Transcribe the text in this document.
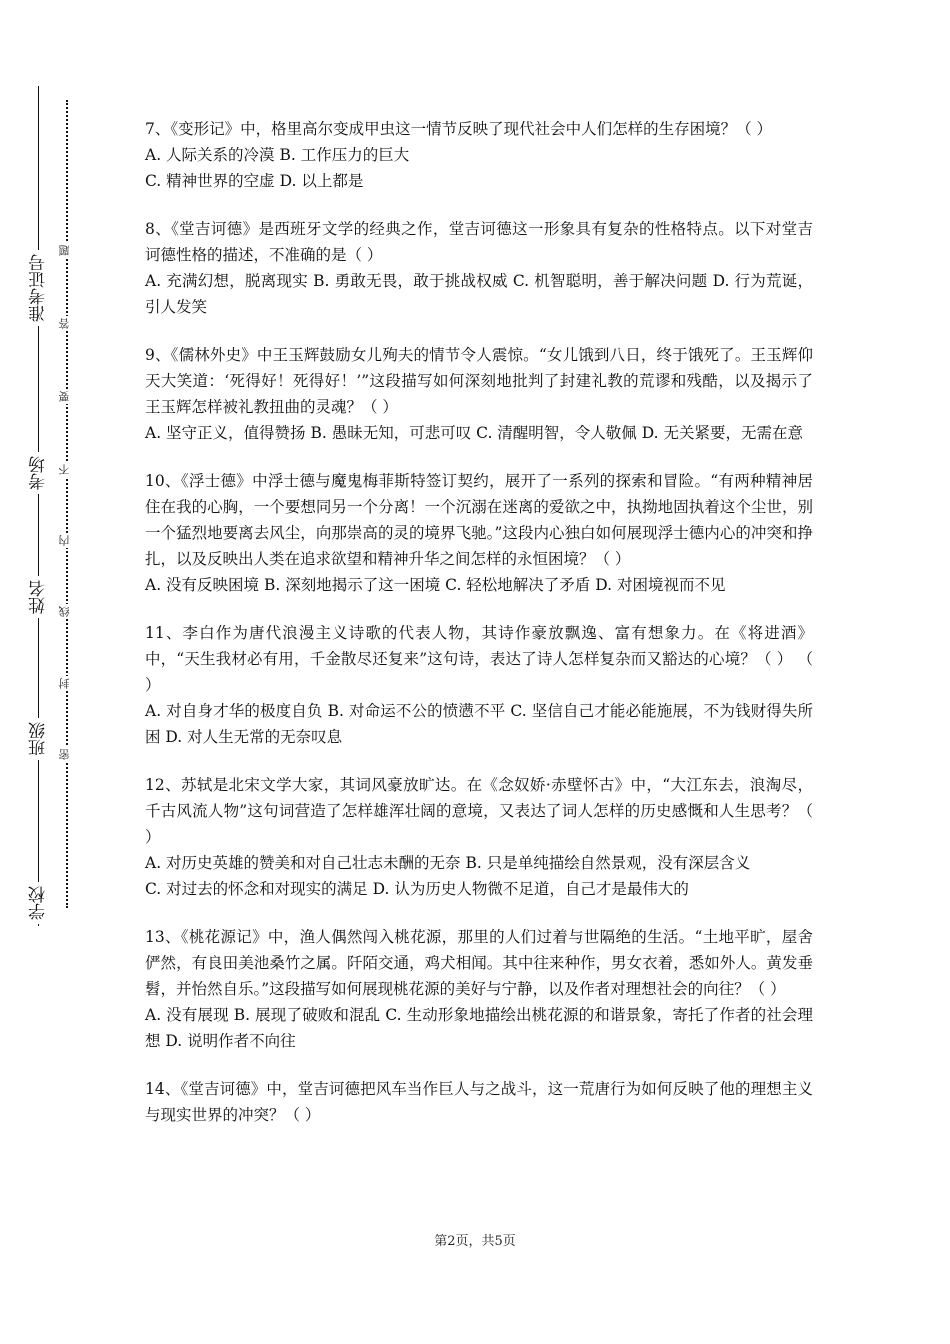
准考证号
考场
姓名
班级
学校
题
答
要
不
内
线
封
密

7、《变形记》中，格里高尔变成甲虫这一情节反映了现代社会中人们怎样的生存困境？（ ）

A. 人际关系的冷漠 B. 工作压力的巨大

C. 精神世界的空虚 D. 以上都是

8、《堂吉诃德》是西班牙文学的经典之作，堂吉诃德这一形象具有复杂的性格特点。以下对堂吉诃德性格的描述，不准确的是（ ）

A. 充满幻想，脱离现实 B. 勇敢无畏，敢于挑战权威 C. 机智聪明，善于解决问题 D. 行为荒诞，引人发笑

9、《儒林外史》中王玉辉鼓励女儿殉夫的情节令人震惊。“女儿饿到八日，终于饿死了。王玉辉仰天大笑道：‘死得好！死得好！’”这段描写如何深刻地批判了封建礼教的荒谬和残酷，以及揭示了王玉辉怎样被礼教扭曲的灵魂？（ ）

A. 坚守正义，值得赞扬 B. 愚昧无知，可悲可叹 C. 清醒明智，令人敬佩 D. 无关紧要，无需在意

10、《浮士德》中浮士德与魔鬼梅菲斯特签订契约，展开了一系列的探索和冒险。“有两种精神居住在我的心胸，一个要想同另一个分离！一个沉溺在迷离的爱欲之中，执拗地固执着这个尘世，别一个猛烈地要离去风尘，向那崇高的灵的境界飞驰。”这段内心独白如何展现浮士德内心的冲突和挣扎，以及反映出人类在追求欲望和精神升华之间怎样的永恒困境？（ ）

A. 没有反映困境 B. 深刻地揭示了这一困境 C. 轻松地解决了矛盾 D. 对困境视而不见

11、李白作为唐代浪漫主义诗歌的代表人物，其诗作豪放飘逸、富有想象力。在《将进酒》中，“天生我材必有用，千金散尽还复来”这句诗，表达了诗人怎样复杂而又豁达的心境？（ ） （ ）

A. 对自身才华的极度自负 B. 对命运不公的愤懑不平 C. 坚信自己才能必能施展，不为钱财得失所困 D. 对人生无常的无奈叹息

12、苏轼是北宋文学大家，其词风豪放旷达。在《念奴娇·赤壁怀古》中，“大江东去，浪淘尽，千古风流人物”这句词营造了怎样雄浑壮阔的意境，又表达了词人怎样的历史感慨和人生思考？（ ）

A. 对历史英雄的赞美和对自己壮志未酬的无奈 B. 只是单纯描绘自然景观，没有深层含义

C. 对过去的怀念和对现实的满足 D. 认为历史人物微不足道，自己才是最伟大的

13、《桃花源记》中，渔人偶然闯入桃花源，那里的人们过着与世隔绝的生活。“土地平旷，屋舍俨然，有良田美池桑竹之属。阡陌交通，鸡犬相闻。其中往来种作，男女衣着，悉如外人。黄发垂髫，并怡然自乐。”这段描写如何展现桃花源的美好与宁静，以及作者对理想社会的向往？（ ）

A. 没有展现 B. 展现了破败和混乱 C. 生动形象地描绘出桃花源的和谐景象，寄托了作者的社会理想 D. 说明作者不向往

14、《堂吉诃德》中，堂吉诃德把风车当作巨人与之战斗，这一荒唐行为如何反映了他的理想主义与现实世界的冲突？（ ）

第2页，共5页
